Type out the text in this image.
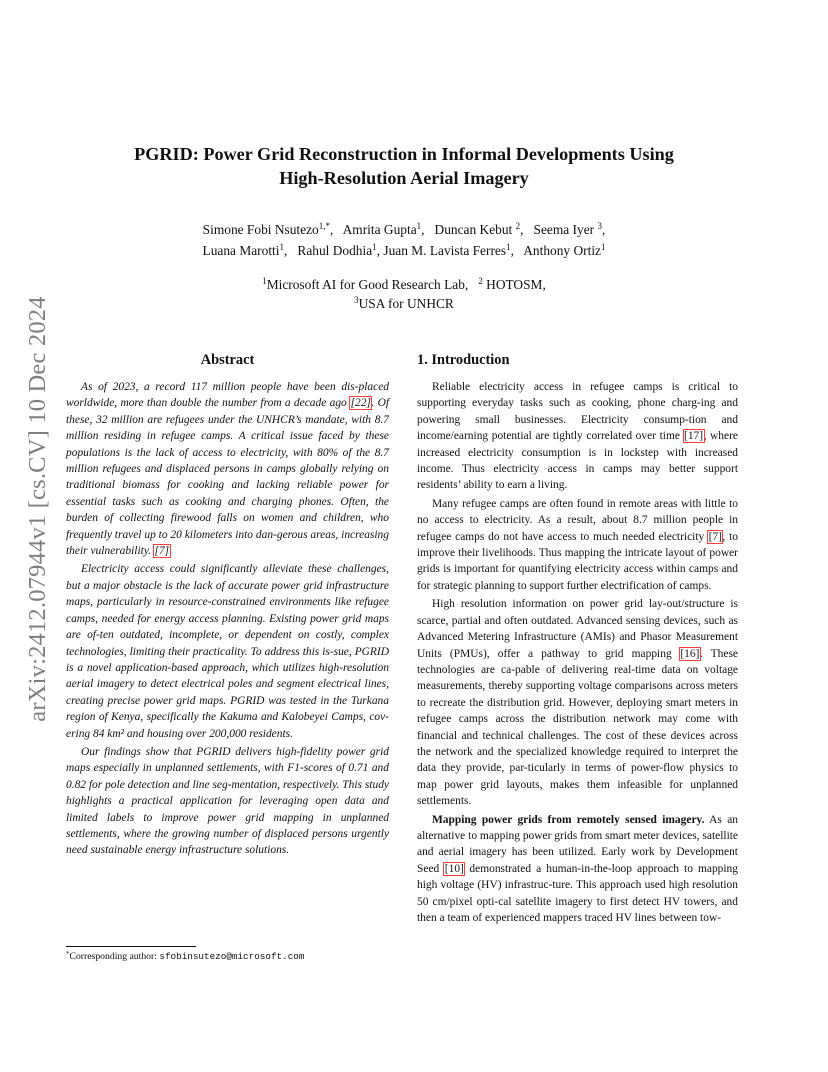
arXiv:2412.07944v1 [cs.CV] 10 Dec 2024
PGRID: Power Grid Reconstruction in Informal Developments Using
High-Resolution Aerial Imagery
Simone Fobi Nsutezo$^{1,*}$,   Amrita Gupta$^1$,   Duncan Kebut $^2$,   Seema Iyer $^3$,
Luana Marotti$^1$,   Rahul Dodhia$^1$, Juan M. Lavista Ferres$^1$,   Anthony Ortiz$^1$
$^1$Microsoft AI for Good Research Lab, $^2$ HOTOSM,
$^3$USA for UNHCR
Abstract

As of 2023, a record 117 million people have been dis-placed worldwide, more than double the number from a decade ago [22]. Of these, 32 million are refugees under the UNHCR’s mandate, with 8.7 million residing in refugee camps. A critical issue faced by these populations is the lack of access to electricity, with 80% of the 8.7 million refugees and displaced persons in camps globally relying on traditional biomass for cooking and lacking reliable power for essential tasks such as cooking and charging phones. Often, the burden of collecting firewood falls on women and children, who frequently travel up to 20 kilometers into dan-gerous areas, increasing their vulnerability. [7]

Electricity access could significantly alleviate these challenges, but a major obstacle is the lack of accurate power grid infrastructure maps, particularly in resource-constrained environments like refugee camps, needed for energy access planning. Existing power grid maps are of-ten outdated, incomplete, or dependent on costly, complex technologies, limiting their practicality. To address this is-sue, PGRID is a novel application-based approach, which utilizes high-resolution aerial imagery to detect electrical poles and segment electrical lines, creating precise power grid maps. PGRID was tested in the Turkana region of Kenya, specifically the Kakuma and Kalobeyei Camps, cov-ering 84 km² and housing over 200,000 residents.

Our findings show that PGRID delivers high-fidelity power grid maps especially in unplanned settlements, with F1-scores of 0.71 and 0.82 for pole detection and line seg-mentation, respectively. This study highlights a practical application for leveraging open data and limited labels to improve power grid mapping in unplanned settlements, where the growing number of displaced persons urgently need sustainable energy infrastructure solutions.

1. Introduction

Reliable electricity access in refugee camps is critical to supporting everyday tasks such as cooking, phone charg-ing and powering small businesses. Electricity consump-tion and income/earning potential are tightly correlated over time [17], where increased electricity consumption is in lockstep with increased income. Thus electricity access in camps may better support residents’ ability to earn a living.

Many refugee camps are often found in remote areas with little to no access to electricity. As a result, about 8.7 million people in refugee camps do not have access to much needed electricity [7], to improve their livelihoods. Thus mapping the intricate layout of power grids is important for quantifying electricity access within camps and for strategic planning to support further electrification of camps.

High resolution information on power grid lay-out/structure is scarce, partial and often outdated. Advanced sensing devices, such as Advanced Metering Infrastructure (AMIs) and Phasor Measurement Units (PMUs), offer a pathway to grid mapping [16]. These technologies are ca-pable of delivering real-time data on voltage measurements, thereby supporting voltage comparisons across meters to recreate the distribution grid. However, deploying smart meters in refugee camps across the distribution network may come with financial and technical challenges. The cost of these devices across the network and the specialized knowledge required to interpret the data they provide, par-ticularly in terms of power-flow physics to map power grid layouts, makes them infeasible for unplanned settlements.

Mapping power grids from remotely sensed imagery. As an alternative to mapping power grids from smart meter devices, satellite and aerial imagery has been utilized. Early work by Development Seed [10] demonstrated a human-in-the-loop approach to mapping high voltage (HV) infrastruc-ture. This approach used high resolution 50 cm/pixel opti-cal satellite imagery to first detect HV towers, and then a team of experienced mappers traced HV lines between tow-

*Corresponding author: sfobinsutezo@microsoft.com
